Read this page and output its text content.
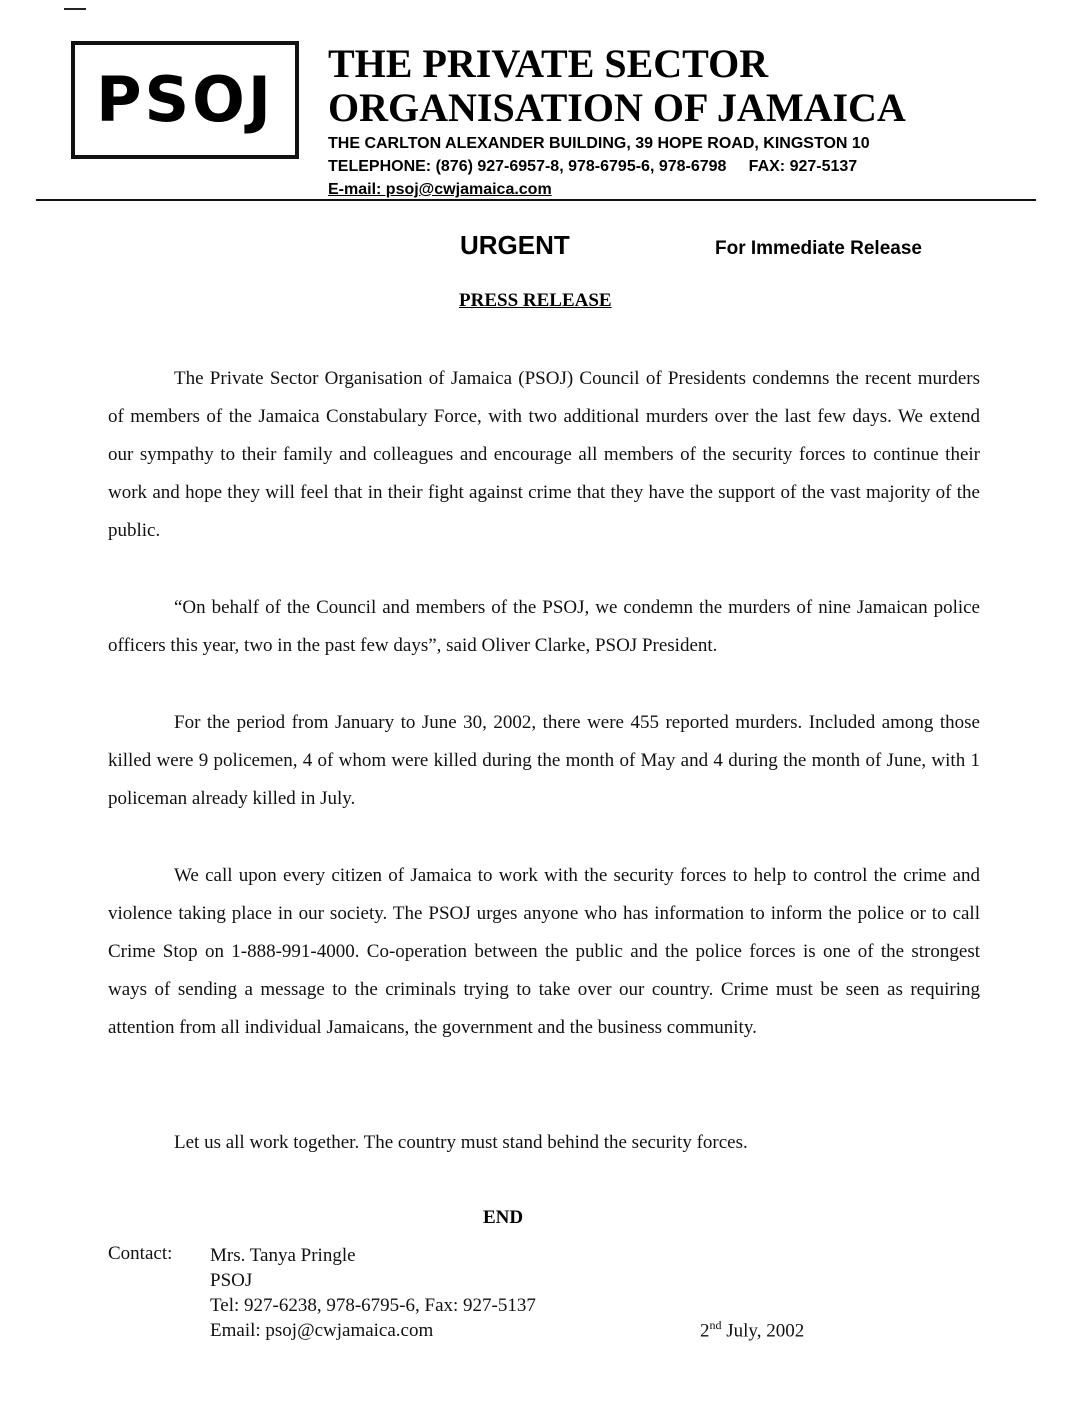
PSOJ THE PRIVATE SECTOR
ORGANISATION OF JAMAICA
THE CARLTON ALEXANDER BUILDING, 39 HOPE ROAD, KINGSTON 10
TELEPHONE: (876) 927-6957-8, 978-6795-6, 978-6798     FAX: 927-5137
E-mail: psoj@cwjamaica.com
URGENT	For Immediate Release
PRESS RELEASE

The Private Sector Organisation of Jamaica (PSOJ) Council of Presidents condemns the recent murders of members of the Jamaica Constabulary Force, with two additional murders over the last few days. We extend our sympathy to their family and colleagues and encourage all members of the security forces to continue their work and hope they will feel that in their fight against crime that they have the support of the vast majority of the public.

“On behalf of the Council and members of the PSOJ, we condemn the murders of nine Jamaican police officers this year, two in the past few days”, said Oliver Clarke, PSOJ President.

For the period from January to June 30, 2002, there were 455 reported murders. Included among those killed were 9 policemen, 4 of whom were killed during the month of May and 4 during the month of June, with 1 policeman already killed in July.

We call upon every citizen of Jamaica to work with the security forces to help to control the crime and violence taking place in our society. The PSOJ urges anyone who has information to inform the police or to call Crime Stop on 1-888-991-4000. Co-operation between the public and the police forces is one of the strongest ways of sending a message to the criminals trying to take over our country. Crime must be seen as requiring attention from all individual Jamaicans, the government and the business community.

Let us all work together. The country must stand behind the security forces.

END
Contact: Mrs. Tanya Pringle
PSOJ
Tel: 927-6238, 978-6795-6, Fax: 927-5137
Email: psoj@cwjamaica.com	2nd July, 2002
